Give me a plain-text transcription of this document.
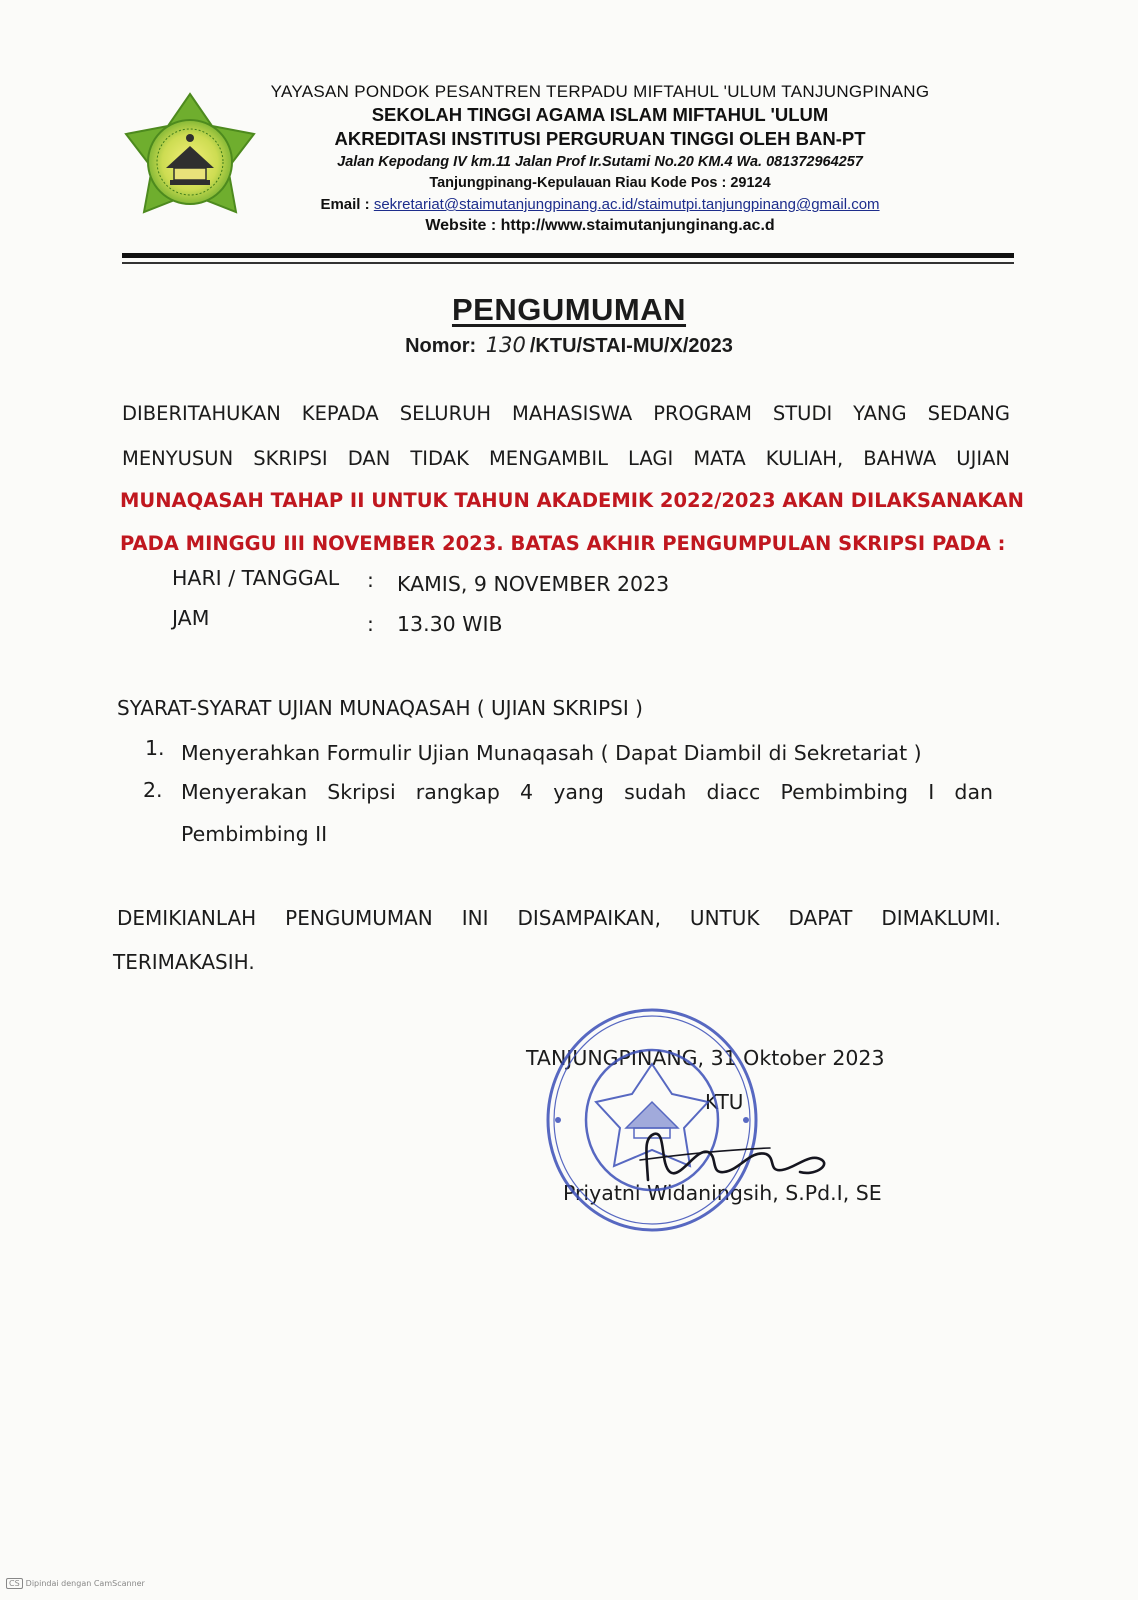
YAYASAN PONDOK PESANTREN TERPADU MIFTAHUL 'ULUM TANJUNGPINANG
SEKOLAH TINGGI AGAMA ISLAM MIFTAHUL 'ULUM
AKREDITASI INSTITUSI PERGURUAN TINGGI OLEH BAN-PT
Jalan Kepodang IV km.11 Jalan Prof Ir.Sutami No.20 KM.4 Wa. 081372964257
Tanjungpinang-Kepulauan Riau Kode Pos : 29124
Email : sekretariat@staimutanjungpinang.ac.id/staimutpi.tanjungpinang@gmail.com
Website : http://www.staimutanjunginang.ac.d
PENGUMUMAN
Nomor: 130 /KTU/STAI-MU/X/2023
DIBERITAHUKAN KEPADA SELURUH MAHASISWA PROGRAM STUDI YANG SEDANG
MENYUSUN SKRIPSI DAN TIDAK MENGAMBIL LAGI MATA KULIAH, BAHWA UJIAN
MUNAQASAH TAHAP II UNTUK TAHUN AKADEMIK 2022/2023 AKAN DILAKSANAKAN
PADA MINGGU III NOVEMBER 2023. BATAS AKHIR PENGUMPULAN SKRIPSI PADA :
HARI / TANGGAL : KAMIS, 9 NOVEMBER 2023
JAM	: 13.30 WIB
SYARAT-SYARAT UJIAN MUNAQASAH ( UJIAN SKRIPSI )
1. Menyerahkan Formulir Ujian Munaqasah ( Dapat Diambil di Sekretariat )
2. Menyerakan Skripsi rangkap 4 yang sudah diacc Pembimbing I dan
Pembimbing II
DEMIKIANLAH PENGUMUMAN INI DISAMPAIKAN, UNTUK DAPAT DIMAKLUMI.
TERIMAKASIH.
TANJUNGPINANG, 31 Oktober 2023
KTU
Priyatni Widaningsih, S.Pd.I, SE
CS Dipindai dengan CamScanner
